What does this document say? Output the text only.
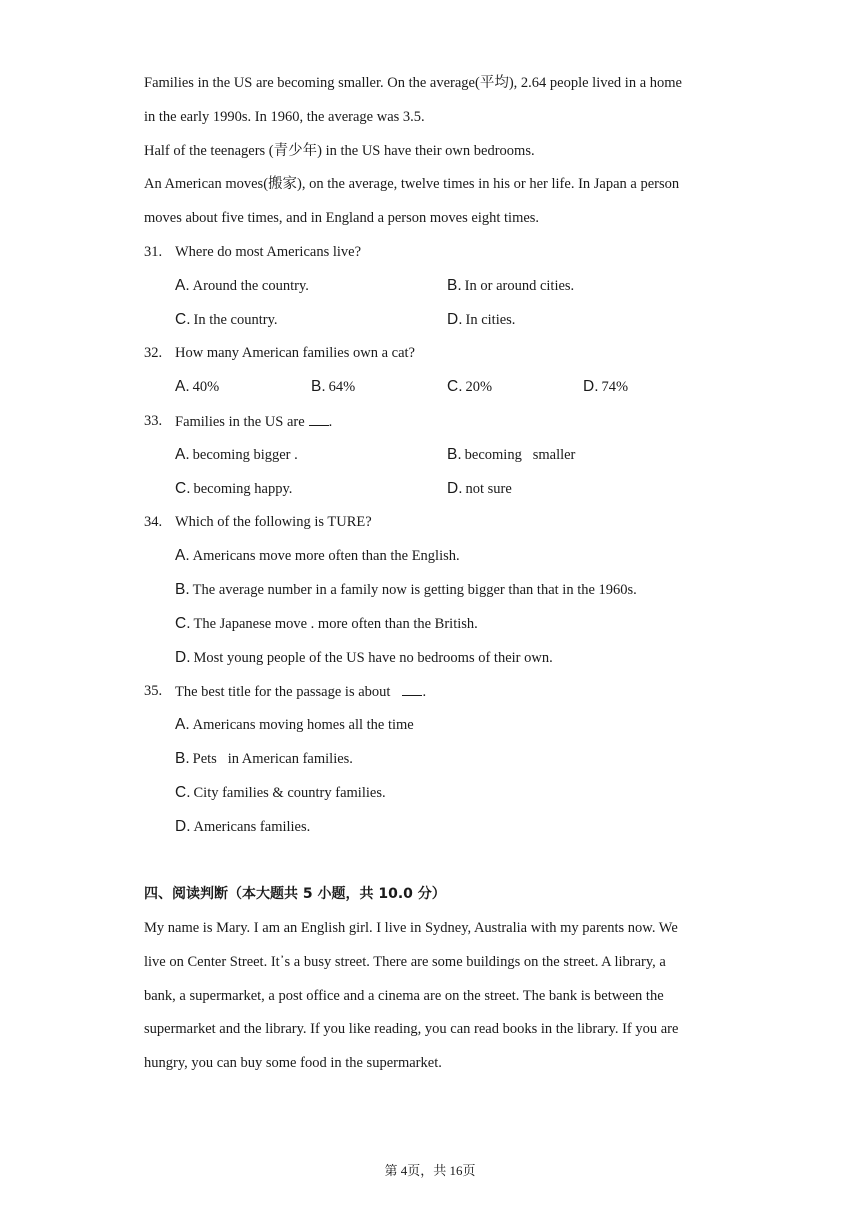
Families in the US are becoming smaller. On the average(平均), 2.64 people lived in a home
in the early 1990s. In 1960, the average was 3.5.
Half of the teenagers (青少年) in the US have their own bedrooms.
An American moves(搬家), on the average, twelve times in his or her life. In Japan a person
moves about five times, and in England a person moves eight times.
31. Where do most Americans live?
A. Around the country.	B. In or around cities.
C. In the country.	D. In cities.
32. How many American families own a cat?
A. 40%	B. 64%	C. 20%	D. 74%
33. Families in the US are .
A. becoming bigger .	B. becoming   smaller
C. becoming happy.	D. not sure
34. Which of the following is TURE?
A. Americans move more often than the English.
B. The average number in a family now is getting bigger than that in the 1960s.
C. The Japanese move . more often than the British.
D. Most young people of the US have no bedrooms of their own.
35. The best title for the passage is about .
A. Americans moving homes all the time
B. Pets   in American families.
C. City families & country families.
D. Americans families.
四、阅读判断（本大题共 5 小题，共 10.0 分）
My name is Mary. I am an English girl. I live in Sydney, Australia with my parents now. We
live on Center Street. It᾽s a busy street. There are some buildings on the street. A library, a
bank, a supermarket, a post office and a cinema are on the street. The bank is between the
supermarket and the library. If you like reading, you can read books in the library. If you are
hungry, you can buy some food in the supermarket.
第 4页，共 16页
